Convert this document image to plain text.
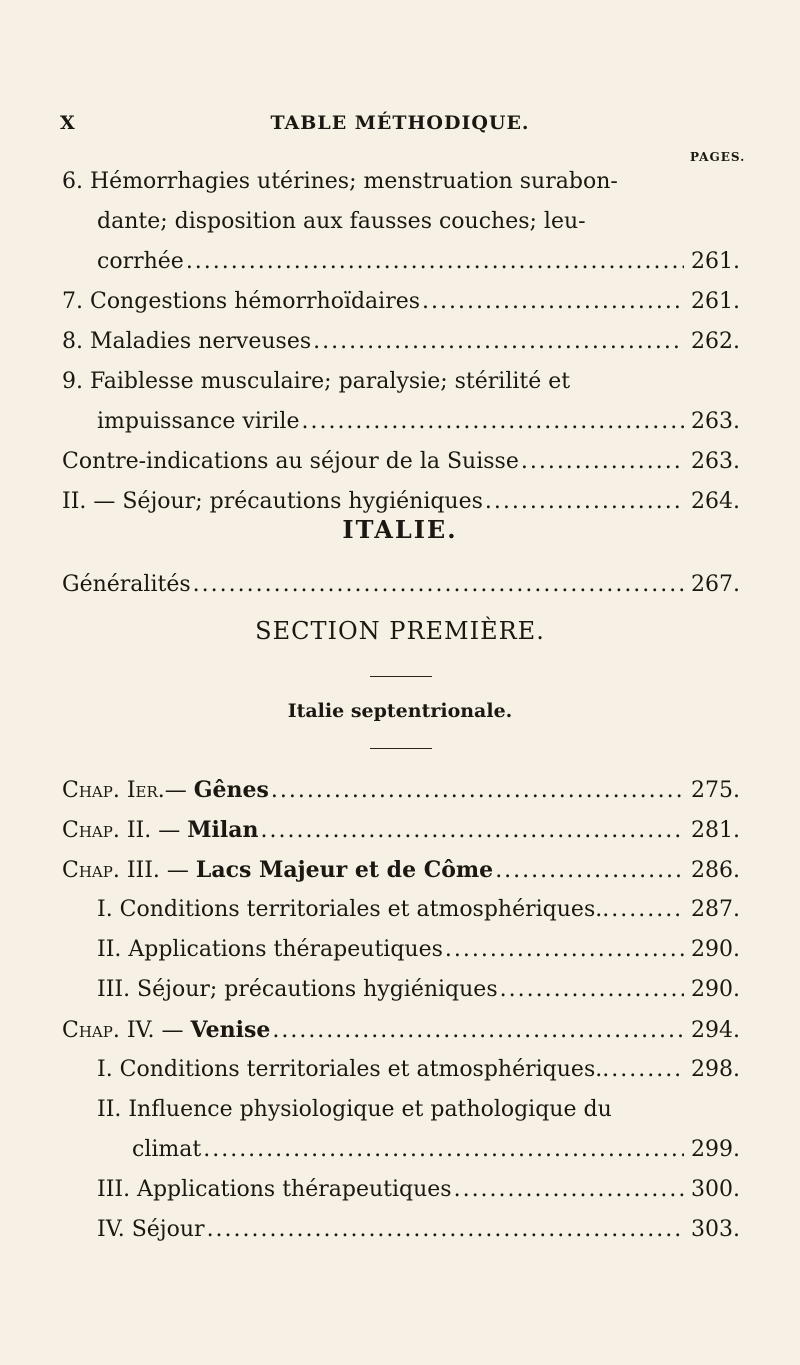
X	TABLE MÉTHODIQUE.
PAGES.
6. Hémorrhagies utérines; menstruation surabon-
dante; disposition aux fausses couches; leu-
corrhée .....	261.
7. Congestions hémorrhoïdaires .....	261.
8. Maladies nerveuses .....	262.
9. Faiblesse musculaire; paralysie; stérilité et
impuissance virile .....	263.
Contre-indications au séjour de la Suisse .....	263.
II. — Séjour; précautions hygiéniques .....	264.
ITALIE.
Généralités .....	267.
SECTION PREMIÈRE.
Italie septentrionale.
Chap. Ier.— Gênes .....	275.
Chap. II. — Milan .....	281.
Chap. III. — Lacs Majeur et de Côme .....	286.
I. Conditions territoriales et atmosphériques.. .....	287.
II. Applications thérapeutiques .....	290.
III. Séjour; précautions hygiéniques .....	290.
Chap. IV. — Venise .....	294.
I. Conditions territoriales et atmosphériques.. .....	298.
II. Influence physiologique et pathologique du
climat .....	299.
III. Applications thérapeutiques .....	300.
IV. Séjour .....	303.
